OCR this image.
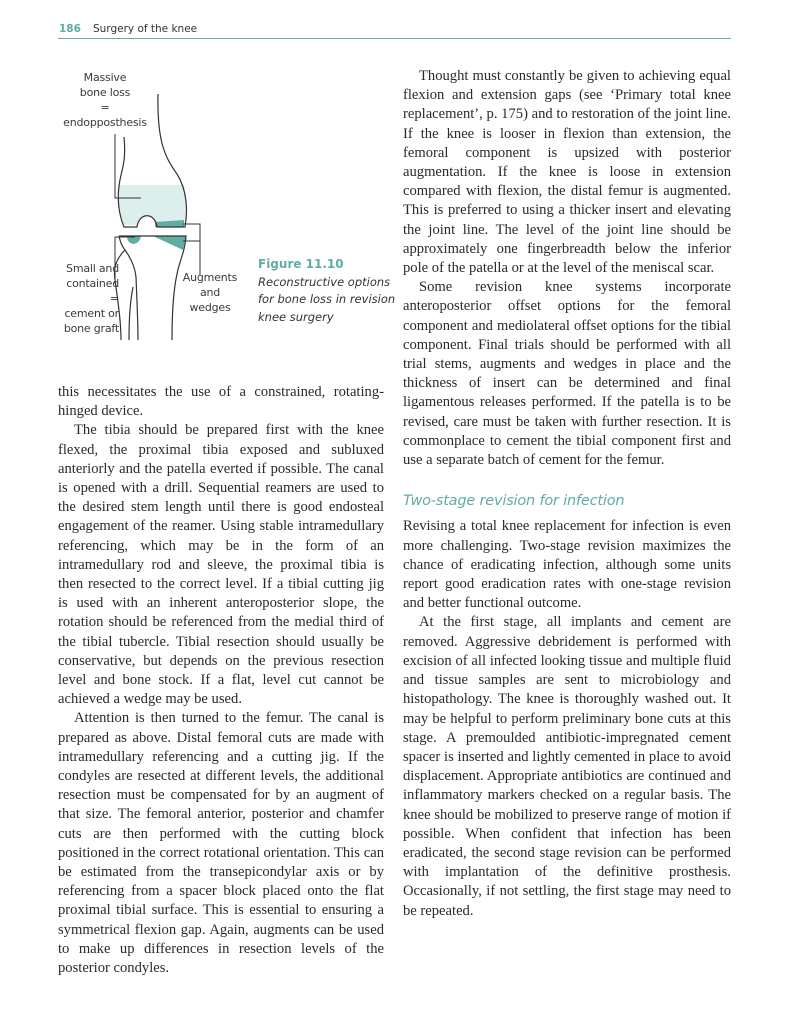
186 Surgery of the knee
Massive
bone loss
=
endopposthesis
Small and
contained
=
cement or
bone graft
Augments
and
wedges
Figure 11.10
Reconstructive options for bone loss in revision knee surgery

this necessitates the use of a constrained, rotating-hinged device.

The tibia should be prepared first with the knee flexed, the proximal tibia exposed and subluxed anteriorly and the patella everted if possible. The canal is opened with a drill. Sequential reamers are used to the desired stem length until there is good endosteal engagement of the reamer. Using stable intramedullary referencing, which may be in the form of an intramedullary rod and sleeve, the proximal tibia is then resected to the correct level. If a tibial cutting jig is used with an inherent anteroposterior slope, the rotation should be referenced from the medial third of the tibial tubercle. Tibial resection should usually be conservative, but depends on the previous resection level and bone stock. If a flat, level cut cannot be achieved a wedge may be used.

Attention is then turned to the femur. The canal is prepared as above. Distal femoral cuts are made with intramedullary referencing and a cutting jig. If the condyles are resected at different levels, the additional resection must be compensated for by an augment of that size. The femoral anterior, posterior and chamfer cuts are then performed with the cutting block positioned in the correct rotational orientation. This can be estimated from the transepicondylar axis or by referencing from a spacer block placed onto the flat proximal tibial surface. This is essential to ensuring a symmetrical flexion gap. Again, augments can be used to make up differences in resection levels of the posterior condyles.

Thought must constantly be given to achieving equal flexion and extension gaps (see ‘Primary total knee replacement’, p. 175) and to restoration of the joint line. If the knee is looser in flexion than extension, the femoral component is upsized with posterior augmentation. If the knee is loose in extension compared with flexion, the distal femur is augmented. This is preferred to using a thicker insert and elevating the joint line. The level of the joint line should be approximately one fingerbreadth below the inferior pole of the patella or at the level of the meniscal scar.

Some revision knee systems incorporate anteroposterior offset options for the femoral component and mediolateral offset options for the tibial component. Final trials should be performed with all trial stems, augments and wedges in place and the thickness of insert can be determined and final ligamentous releases performed. If the patella is to be revised, care must be taken with further resection. It is commonplace to cement the tibial component first and use a separate batch of cement for the femur.

Two-stage revision for infection

Revising a total knee replacement for infection is even more challenging. Two-stage revision maximizes the chance of eradicating infection, although some units report good eradication rates with one-stage revision and better functional outcome.

At the first stage, all implants and cement are removed. Aggressive debridement is performed with excision of all infected looking tissue and multiple fluid and tissue samples are sent to microbiology and histopathology. The knee is thoroughly washed out. It may be helpful to perform preliminary bone cuts at this stage. A premoulded antibiotic-impregnated cement spacer is inserted and lightly cemented in place to avoid displacement. Appropriate antibiotics are continued and inflammatory markers checked on a regular basis. The knee should be mobilized to preserve range of motion if possible. When confident that infection has been eradicated, the second stage revision can be performed with implantation of the definitive prosthesis. Occasionally, if not settling, the first stage may need to be repeated.
